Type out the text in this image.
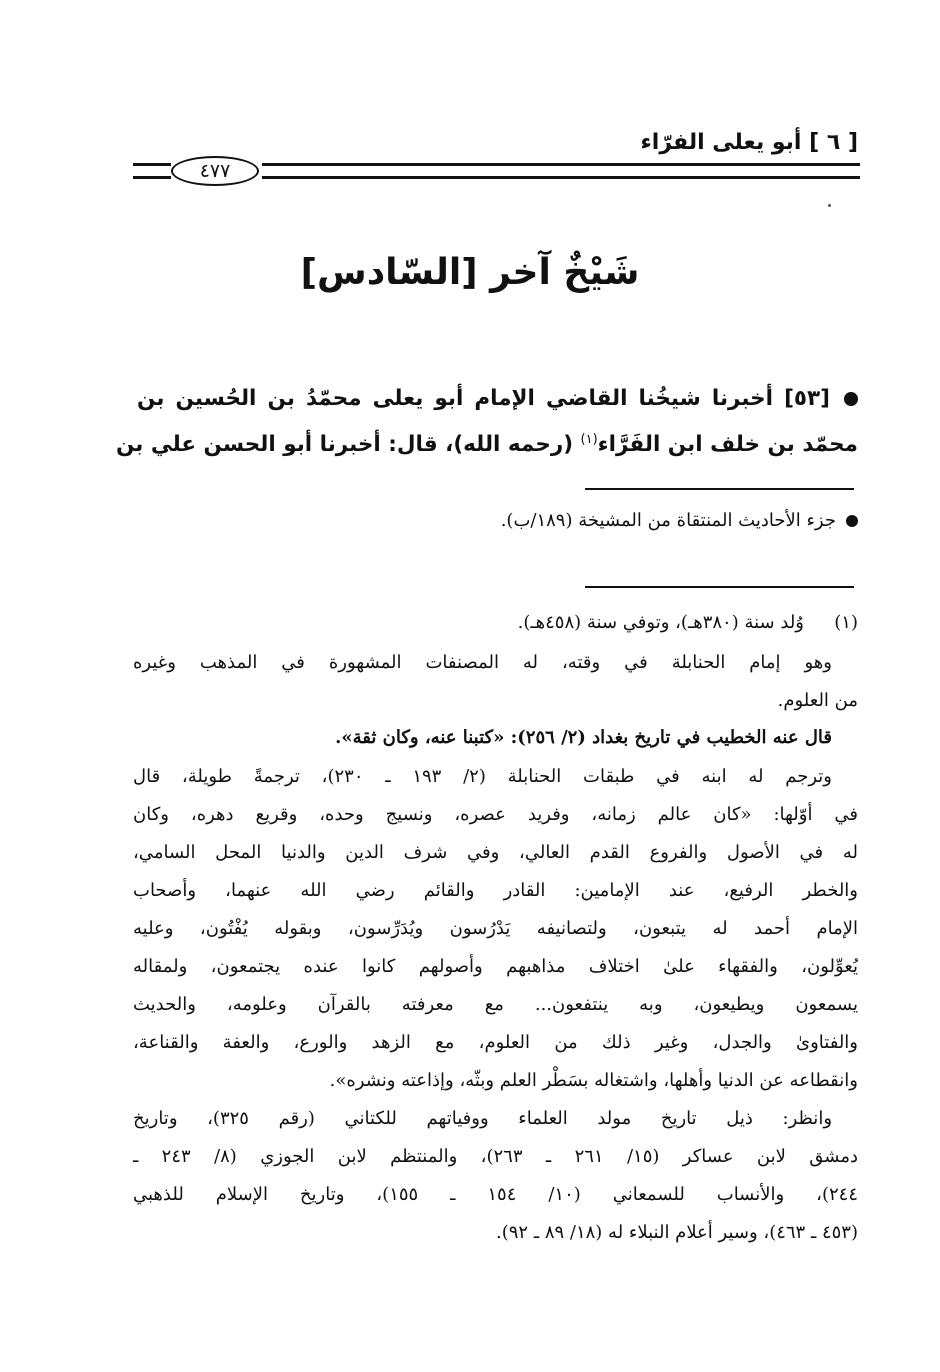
[ ٦ ] أبو يعلى الفرّاء
٤٧٧
شَيْخٌ آخر [السّادس]
[٥٣] أخبرنا شيخُنا القاضي الإمام أبو يعلى محمّدُ بن الحُسين بن
محمّد بن خلف ابن الفَرَّاء$^{(١)}$ (رحمه الله)، قال: أخبرنا أبو الحسن علي بن
جزء الأحاديث المنتقاة من المشيخة (١٨٩/ب).
(١)
وُلد سنة (٣٨٠هـ)، وتوفي سنة (٤٥٨هـ).
وهو إمام الحنابلة في وقته، له المصنفات المشهورة في المذهب وغيره
من العلوم.
قال عنه الخطيب في تاريخ بغداد (٢/ ٢٥٦): «كتبنا عنه، وكان ثقة».
وترجم له ابنه في طبقات الحنابلة (٢/ ١٩٣ ـ ٢٣٠)، ترجمةً طويلة، قال
في أوّلها: «كان عالم زمانه، وفريد عصره، ونسيج وحده، وقريع دهره، وكان
له في الأصول والفروع القدم العالي، وفي شرف الدين والدنيا المحل السامي،
والخطر الرفيع، عند الإمامين: القادر والقائم رضي الله عنهما، وأصحاب
الإمام أحمد له يتبعون، ولتصانيفه يَدْرُسون ويُدَرِّسون، وبقوله يُفْتُون، وعليه
يُعوِّلون، والفقهاء علىٰ اختلاف مذاهبهم وأصولهم كانوا عنده يجتمعون، ولمقاله
يسمعون ويطيعون، وبه ينتفعون... مع معرفته بالقرآن وعلومه، والحديث
والفتاوىٰ والجدل، وغير ذلك من العلوم، مع الزهد والورع، والعفة والقناعة،
وانقطاعه عن الدنيا وأهلها، واشتغاله بسَطْر العلم وبثّه، وإذاعته ونشره».
وانظر: ذيل تاريخ مولد العلماء ووفياتهم للكتاني (رقم ٣٢٥)، وتاريخ
دمشق لابن عساكر (١٥/ ٢٦١ ـ ٢٦٣)، والمنتظم لابن الجوزي (٨/ ٢٤٣ ـ
٢٤٤)، والأنساب للسمعاني (١٠/ ١٥٤ ـ ١٥٥)، وتاريخ الإسلام للذهبي
(٤٥٣ ـ ٤٦٣)، وسير أعلام النبلاء له (١٨/ ٨٩ ـ ٩٢).
